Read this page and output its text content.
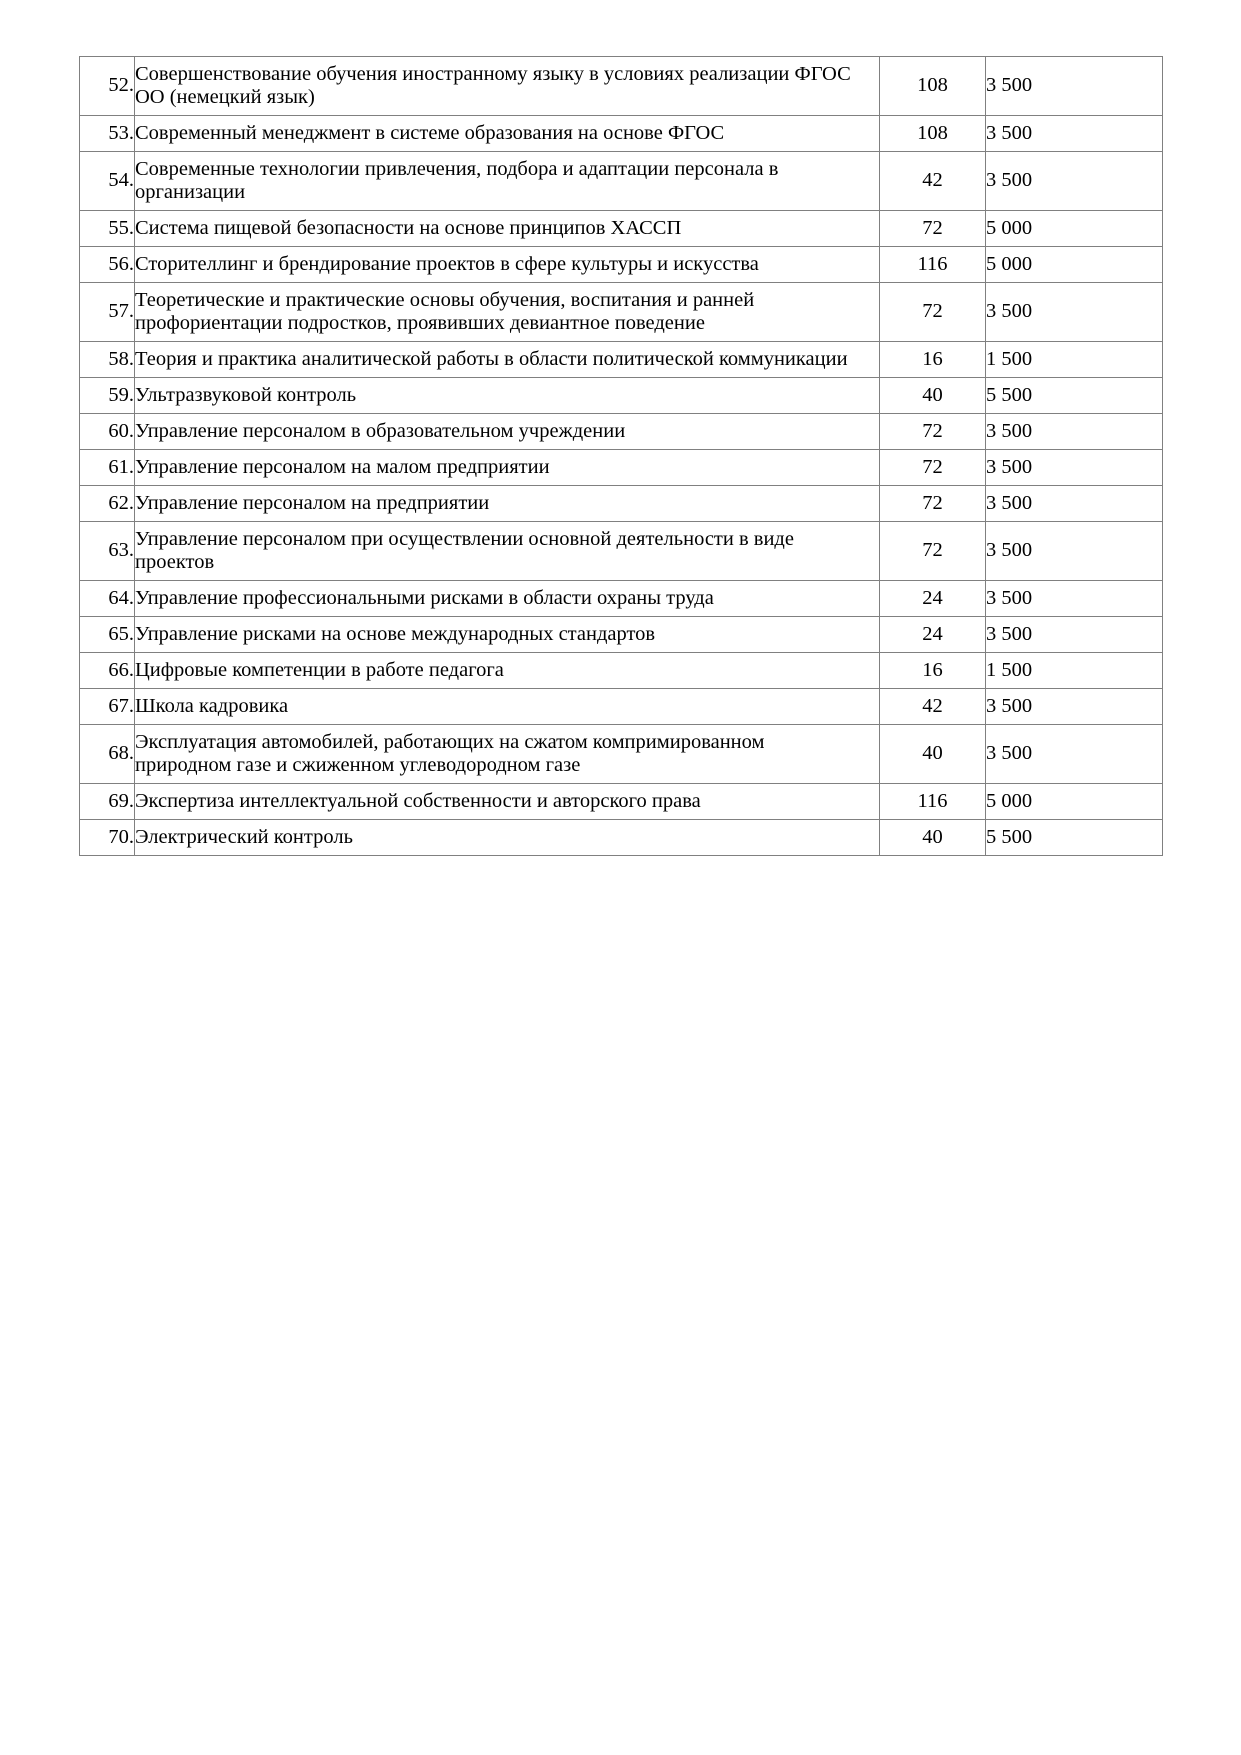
52.	Совершенствование обучения иностранному языку в условиях реализации ФГОС
ОО (немецкий язык)	108	3 500
53.	Современный менеджмент в системе образования на основе ФГОС	108	3 500
54.	Современные технологии привлечения, подбора и адаптации персонала в
организации	42	3 500
55.	Система пищевой безопасности на основе принципов ХАССП	72	5 000
56.	Сторителлинг и брендирование проектов в сфере культуры и искусства	116	5 000
57.	Теоретические и практические основы обучения, воспитания и ранней
профориентации подростков, проявивших девиантное поведение	72	3 500
58.	Теория и практика аналитической работы в области политической коммуникации	16	1 500
59.	Ультразвуковой контроль	40	5 500
60.	Управление персоналом в образовательном учреждении	72	3 500
61.	Управление персоналом на малом предприятии	72	3 500
62.	Управление персоналом на предприятии	72	3 500
63.	Управление персоналом при осуществлении основной деятельности в виде
проектов	72	3 500
64.	Управление профессиональными рисками в области охраны труда	24	3 500
65.	Управление рисками на основе международных стандартов	24	3 500
66.	Цифровые компетенции в работе педагога	16	1 500
67.	Школа кадровика	42	3 500
68.	Эксплуатация автомобилей, работающих на сжатом компримированном
природном газе и сжиженном углеводородном газе	40	3 500
69.	Экспертиза интеллектуальной собственности и авторского права	116	5 000
70.	Электрический контроль	40	5 500
